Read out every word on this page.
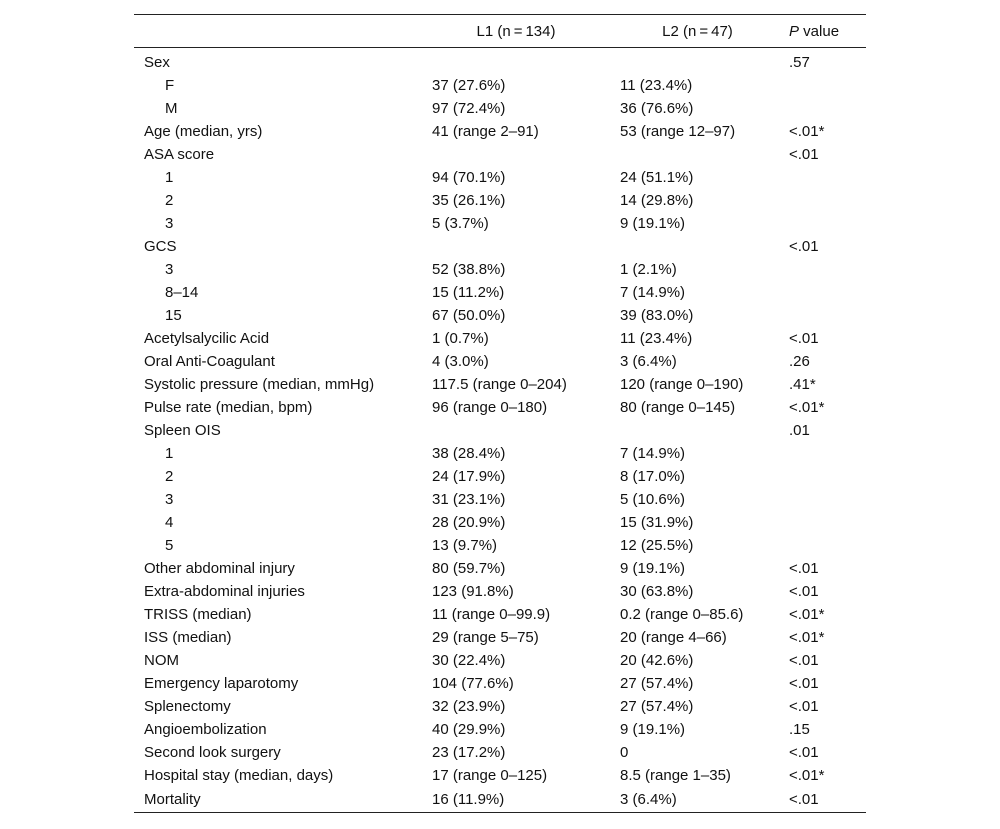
	L1 (n = 134)	L2 (n = 47)	P value
Sex			.57
F	37 (27.6%)	11 (23.4%)	
M	97 (72.4%)	36 (76.6%)	
Age (median, yrs)	41 (range 2–91)	53 (range 12–97)	<.01*
ASA score			<.01
1	94 (70.1%)	24 (51.1%)	
2	35 (26.1%)	14 (29.8%)	
3	5 (3.7%)	9 (19.1%)	
GCS			<.01
3	52 (38.8%)	1 (2.1%)	
8–14	15 (11.2%)	7 (14.9%)	
15	67 (50.0%)	39 (83.0%)	
Acetylsalycilic Acid	1 (0.7%)	11 (23.4%)	<.01
Oral Anti-Coagulant	4 (3.0%)	3 (6.4%)	.26
Systolic pressure (median, mmHg)	117.5 (range 0–204)	120 (range 0–190)	.41*
Pulse rate (median, bpm)	96 (range 0–180)	80 (range 0–145)	<.01*
Spleen OIS			.01
1	38 (28.4%)	7 (14.9%)	
2	24 (17.9%)	8 (17.0%)	
3	31 (23.1%)	5 (10.6%)	
4	28 (20.9%)	15 (31.9%)	
5	13 (9.7%)	12 (25.5%)	
Other abdominal injury	80 (59.7%)	9 (19.1%)	<.01
Extra-abdominal injuries	123 (91.8%)	30 (63.8%)	<.01
TRISS (median)	11 (range 0–99.9)	0.2 (range 0–85.6)	<.01*
ISS (median)	29 (range 5–75)	20 (range 4–66)	<.01*
NOM	30 (22.4%)	20 (42.6%)	<.01
Emergency laparotomy	104 (77.6%)	27 (57.4%)	<.01
Splenectomy	32 (23.9%)	27 (57.4%)	<.01
Angioembolization	40 (29.9%)	9 (19.1%)	.15
Second look surgery	23 (17.2%)	0	<.01
Hospital stay (median, days)	17 (range 0–125)	8.5 (range 1–35)	<.01*
Mortality	16 (11.9%)	3 (6.4%)	<.01
